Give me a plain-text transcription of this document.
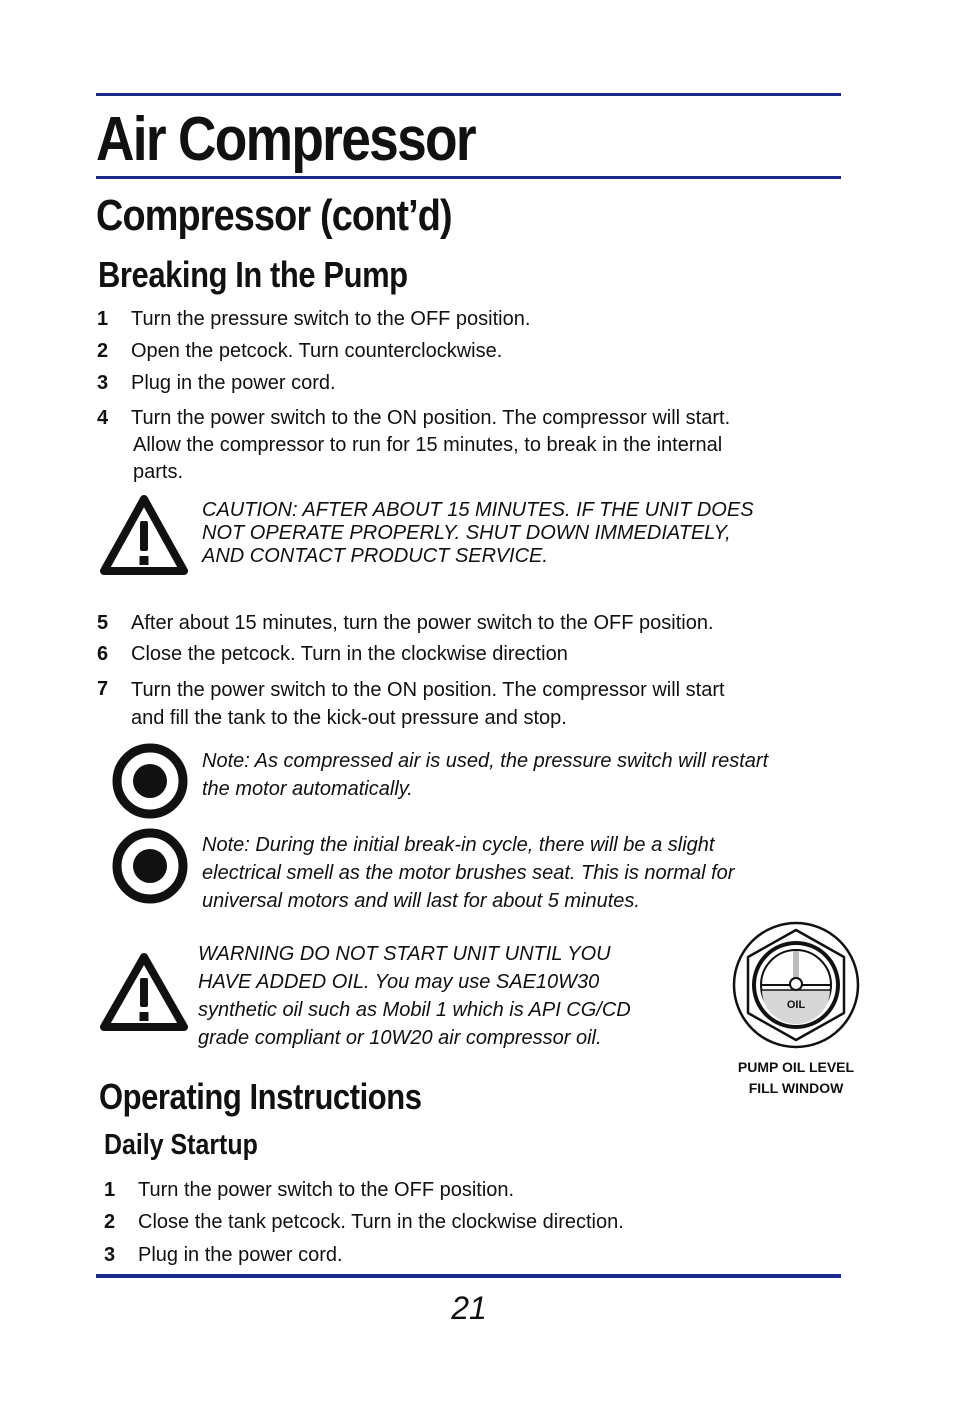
Air Compressor
Compressor (cont’d)
Breaking In the Pump
1	Turn the pressure switch to the OFF position.
2	Open the petcock. Turn counterclockwise.
3	Plug in the power cord.
4	Turn the power switch to the ON position. The compressor will start.
Allow the compressor to run for 15 minutes, to break in the internal
parts.
CAUTION: AFTER ABOUT 15 MINUTES. IF THE UNIT DOES
NOT OPERATE PROPERLY. SHUT DOWN IMMEDIATELY,
AND CONTACT PRODUCT SERVICE.
5	After about 15 minutes, turn the power switch to the OFF position.
6	Close the petcock. Turn in the clockwise direction
7	Turn the power switch to the ON position. The compressor will start
and fill the tank to the kick-out pressure and stop.
Note: As compressed air is used, the pressure switch will restart
the motor automatically.
Note: During the initial break-in cycle, there will be a slight
electrical smell as the motor brushes seat. This is normal for
universal motors and will last for about 5 minutes.
WARNING DO NOT START UNIT UNTIL YOU
HAVE ADDED OIL. You may use SAE10W30
synthetic oil such as Mobil 1 which is API CG/CD
grade compliant or 10W20 air compressor oil.
OIL
PUMP OIL LEVEL
FILL WINDOW
Operating Instructions
Daily Startup
1	Turn the power switch to the OFF position.
2	Close the tank petcock. Turn in the clockwise direction.
3	Plug in the power cord.
21
